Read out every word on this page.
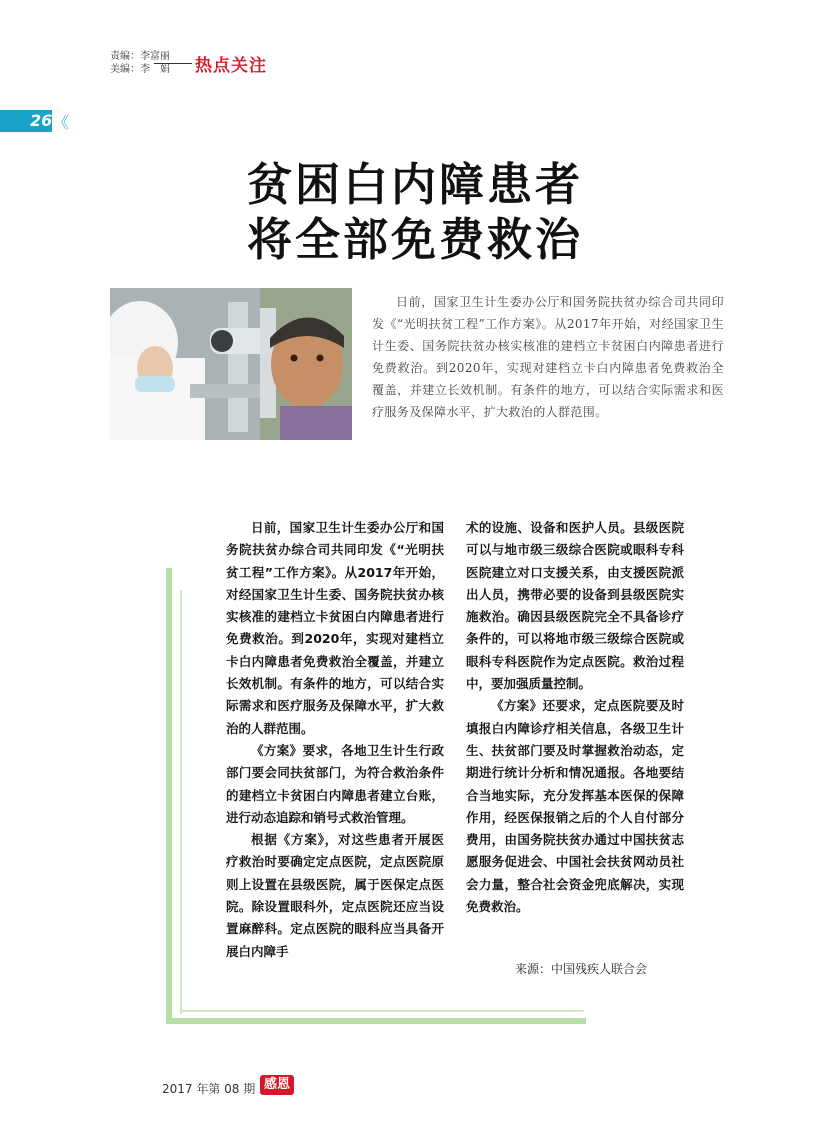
责编：李富丽
美编：李　娟 热点关注
26 《
贫困白内障患者
将全部免费救治
日前，国家卫生计生委办公厅和国务院扶贫办综合司共同印发《“光明扶贫工程”工作方案》。从2017年开始，对经国家卫生计生委、国务院扶贫办核实核准的建档立卡贫困白内障患者进行免费救治。到2020年，实现对建档立卡白内障患者免费救治全覆盖，并建立长效机制。有条件的地方，可以结合实际需求和医疗服务及保障水平，扩大救治的人群范围。

日前，国家卫生计生委办公厅和国务院扶贫办综合司共同印发《“光明扶贫工程”工作方案》。从2017年开始，对经国家卫生计生委、国务院扶贫办核实核准的建档立卡贫困白内障患者进行免费救治。到2020年，实现对建档立卡白内障患者免费救治全覆盖，并建立长效机制。有条件的地方，可以结合实际需求和医疗服务及保障水平，扩大救治的人群范围。

《方案》要求，各地卫生计生行政部门要会同扶贫部门，为符合救治条件的建档立卡贫困白内障患者建立台账，进行动态追踪和销号式救治管理。

根据《方案》，对这些患者开展医疗救治时要确定定点医院，定点医院原则上设置在县级医院，属于医保定点医院。除设置眼科外，定点医院还应当设置麻醉科。定点医院的眼科应当具备开展白内障手

术的设施、设备和医护人员。县级医院可以与地市级三级综合医院或眼科专科医院建立对口支援关系，由支援医院派出人员，携带必要的设备到县级医院实施救治。确因县级医院完全不具备诊疗条件的，可以将地市级三级综合医院或眼科专科医院作为定点医院。救治过程中，要加强质量控制。

《方案》还要求，定点医院要及时填报白内障诊疗相关信息，各级卫生计生、扶贫部门要及时掌握救治动态，定期进行统计分析和情况通报。各地要结合当地实际，充分发挥基本医保的保障作用，经医保报销之后的个人自付部分费用，由国务院扶贫办通过中国扶贫志愿服务促进会、中国社会扶贫网动员社会力量，整合社会资金兜底解决，实现免费救治。

来源：中国残疾人联合会
2017 年第 08 期 感恩
